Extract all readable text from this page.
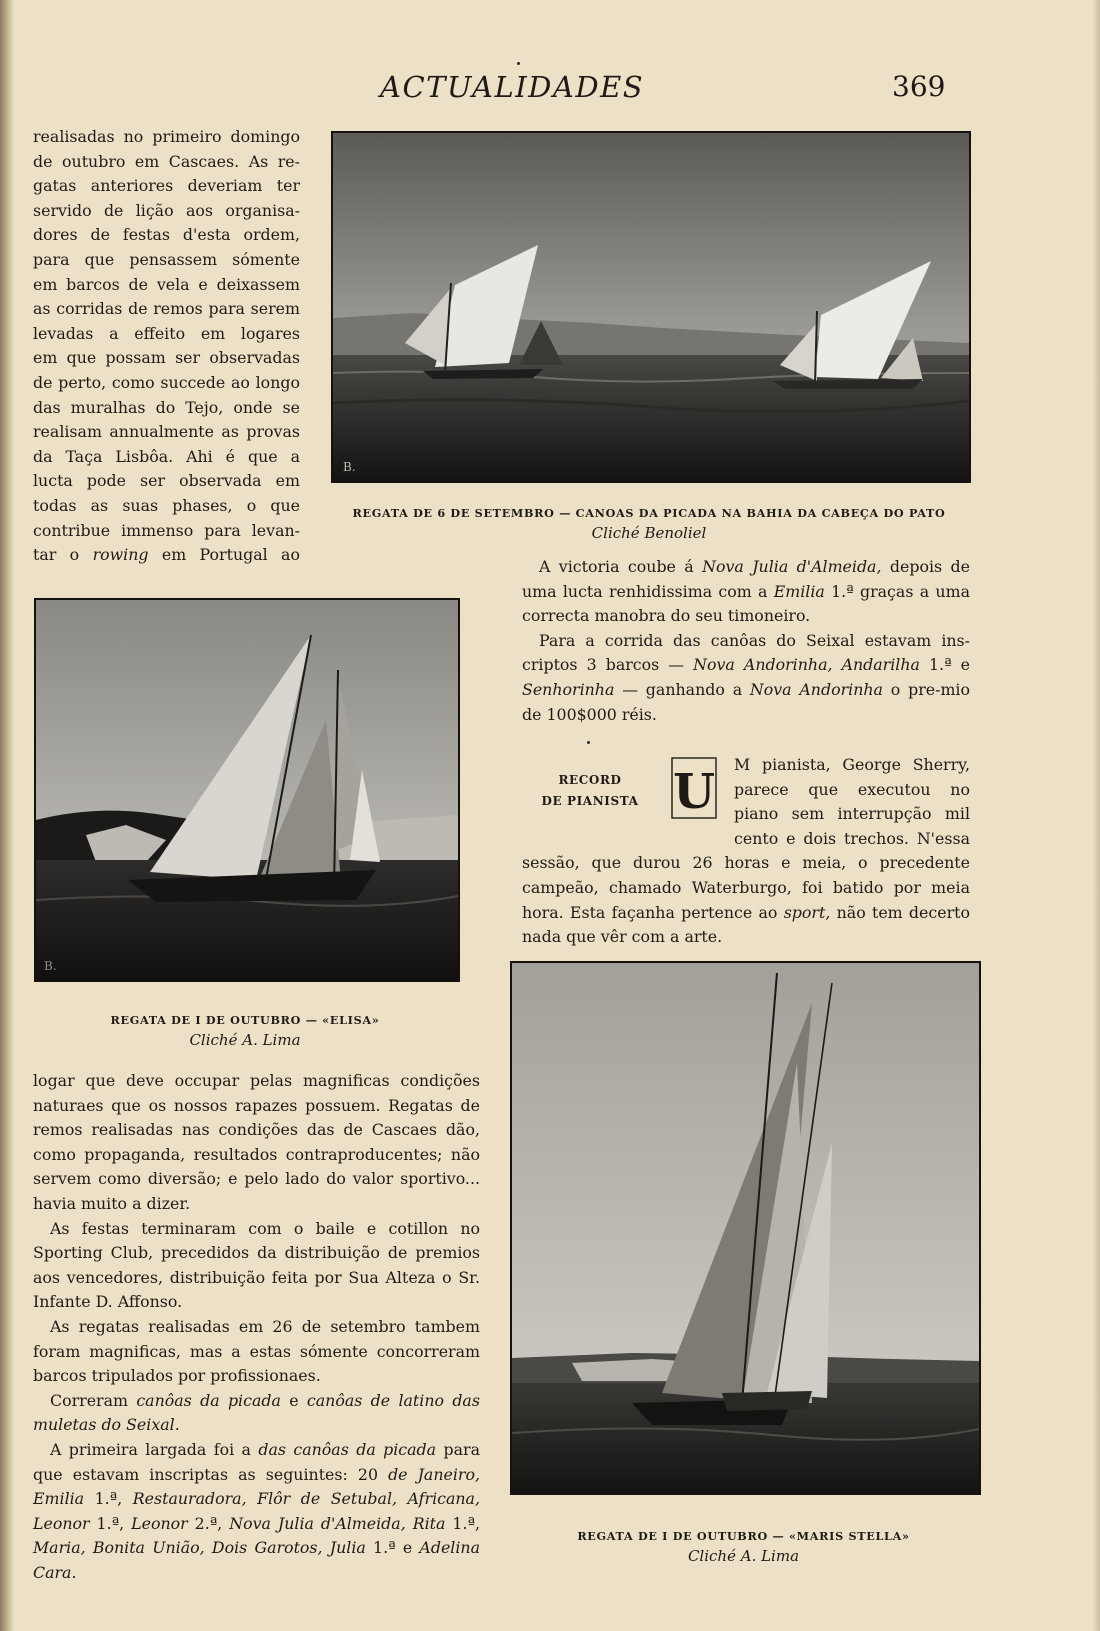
ACTUALIDADES	369

realisadas no primeiro domingo

de outubro em Cascaes. As re-

gatas anteriores deveriam ter

servido de lição aos organisa-

dores de festas d'esta ordem,

para que pensassem sómente

em barcos de vela e deixassem

as corridas de remos para serem

levadas a effeito em logares

em que possam ser observadas

de perto, como succede ao longo

das muralhas do Tejo, onde se

realisam annualmente as provas

da Taça Lisbôa. Ahi é que a

lucta pode ser observada em

todas as suas phases, o que

contribue immenso para levan-

tar o rowing em Portugal ao

B.
REGATA DE 6 DE SETEMBRO — CANOAS DA PICADA NA BAHIA DA CABEÇA DO PATO
Cliché Benoliel

A victoria coube á Nova Julia d'Almeida, depois de uma lucta renhidissima com a Emilia 1.ª graças a uma correcta manobra do seu timoneiro.

Para a corrida das canôas do Seixal estavam ins-criptos 3 barcos — Nova Andorinha, Andarilha 1.ª e Senhorinha — ganhando a Nova Andorinha o pre-mio de 100$000 réis.

RECORD
DE PIANISTA U	M pianista, George Sherry, parece que executou no piano sem interrupção mil cento e dois trechos. N'essa sessão, que durou 26 horas e meia, o precedente campeão, chamado Waterburgo, foi batido por meia hora. Esta façanha pertence ao sport, não tem decerto nada que vêr com a arte.
B.
REGATA DE I DE OUTUBRO — «ELISA»
Cliché A. Lima

logar que deve occupar pelas magnificas condições naturaes que os nossos rapazes possuem. Regatas de remos realisadas nas condições das de Cascaes dão, como propaganda, resultados contraproducentes; não servem como diversão; e pelo lado do valor sportivo... havia muito a dizer.

As festas terminaram com o baile e cotillon no Sporting Club, precedidos da distribuição de premios aos vencedores, distribuição feita por Sua Alteza o Sr. Infante D. Affonso.

As regatas realisadas em 26 de setembro tambem foram magnificas, mas a estas sómente concorreram barcos tripulados por profissionaes.

Correram canôas da picada e canôas de latino das muletas do Seixal.

A primeira largada foi a das canôas da picada para que estavam inscriptas as seguintes: 20 de Janeiro, Emilia 1.ª, Restauradora, Flôr de Setubal, Africana, Leonor 1.ª, Leonor 2.ª, Nova Julia d'Almeida, Rita 1.ª, Maria, Bonita União, Dois Garotos, Julia 1.ª e Adelina Cara.

REGATA DE I DE OUTUBRO — «MARIS STELLA»
Cliché A. Lima
